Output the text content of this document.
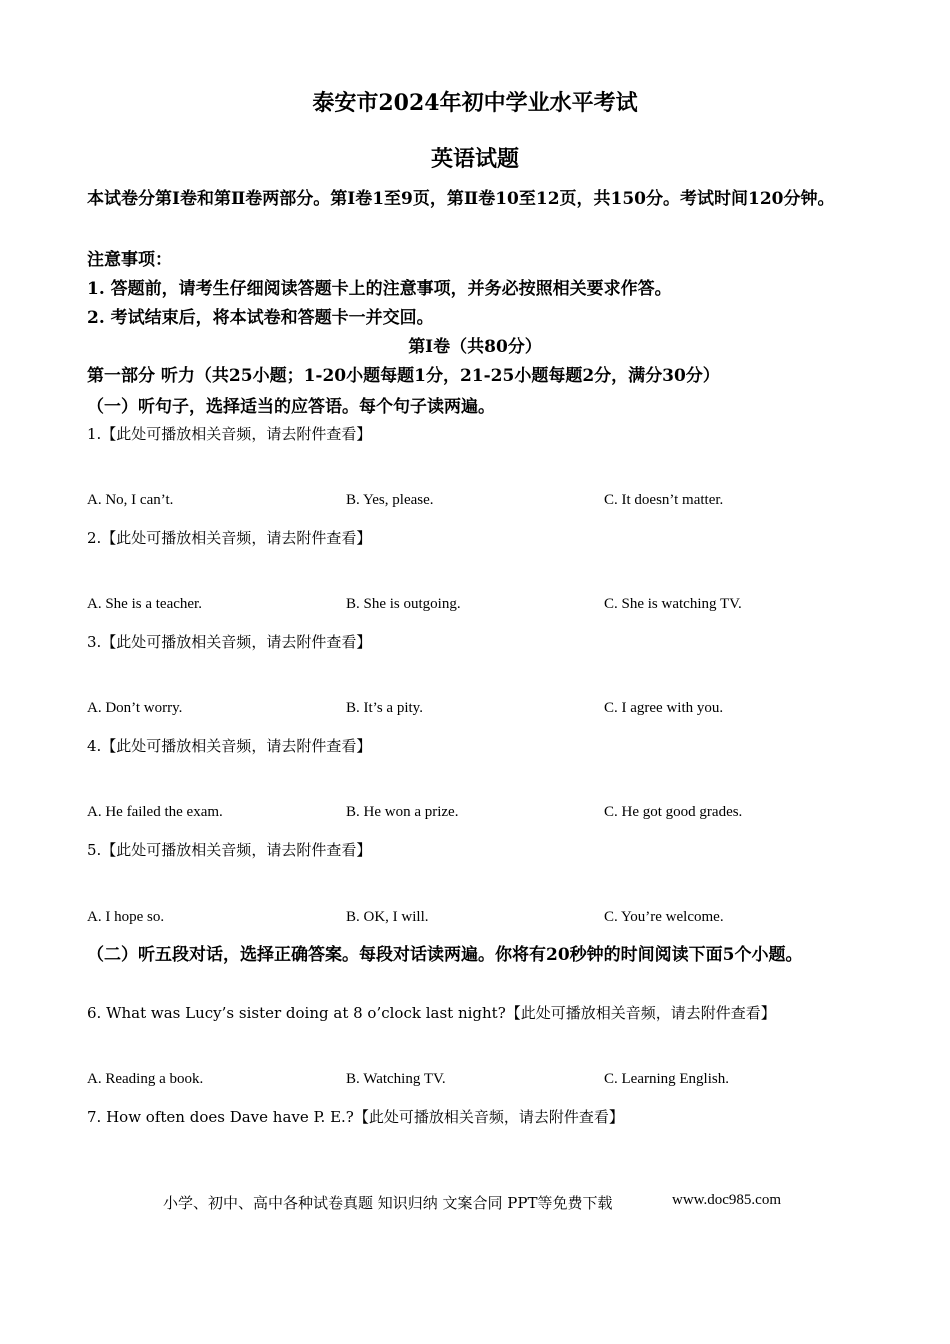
泰安市2024年初中学业水平考试
英语试题
本试卷分第Ⅰ卷和第Ⅱ卷两部分。第Ⅰ卷1至9页，第Ⅱ卷10至12页，共150分。考试时间120分钟。
注意事项：
1. 答题前，请考生仔细阅读答题卡上的注意事项，并务必按照相关要求作答。
2. 考试结束后，将本试卷和答题卡一并交回。
第Ⅰ卷（共80分）
第一部分 听力（共25小题；1-20小题每题1分，21-25小题每题2分，满分30分）
（一）听句子，选择适当的应答语。每个句子读两遍。
1.【此处可播放相关音频，请去附件查看】
A. No, I can’t.	B. Yes, please.	C. It doesn’t matter.
2.【此处可播放相关音频，请去附件查看】
A. She is a teacher.	B. She is outgoing.	C. She is watching TV.
3.【此处可播放相关音频，请去附件查看】
A. Don’t worry.	B. It’s a pity.	C. I agree with you.
4.【此处可播放相关音频，请去附件查看】
A. He failed the exam.	B. He won a prize.	C. He got good grades.
5.【此处可播放相关音频，请去附件查看】
A. I hope so.	B. OK, I will.	C. You’re welcome.
（二）听五段对话，选择正确答案。每段对话读两遍。你将有20秒钟的时间阅读下面5个小题。
6. What was Lucy’s sister doing at 8 o’clock last night?【此处可播放相关音频，请去附件查看】
A. Reading a book.	B. Watching TV.	C. Learning English.
7. How often does Dave have P. E.?【此处可播放相关音频，请去附件查看】
小学、初中、高中各种试卷真题 知识归纳 文案合同 PPT等免费下载	www.doc985.com
